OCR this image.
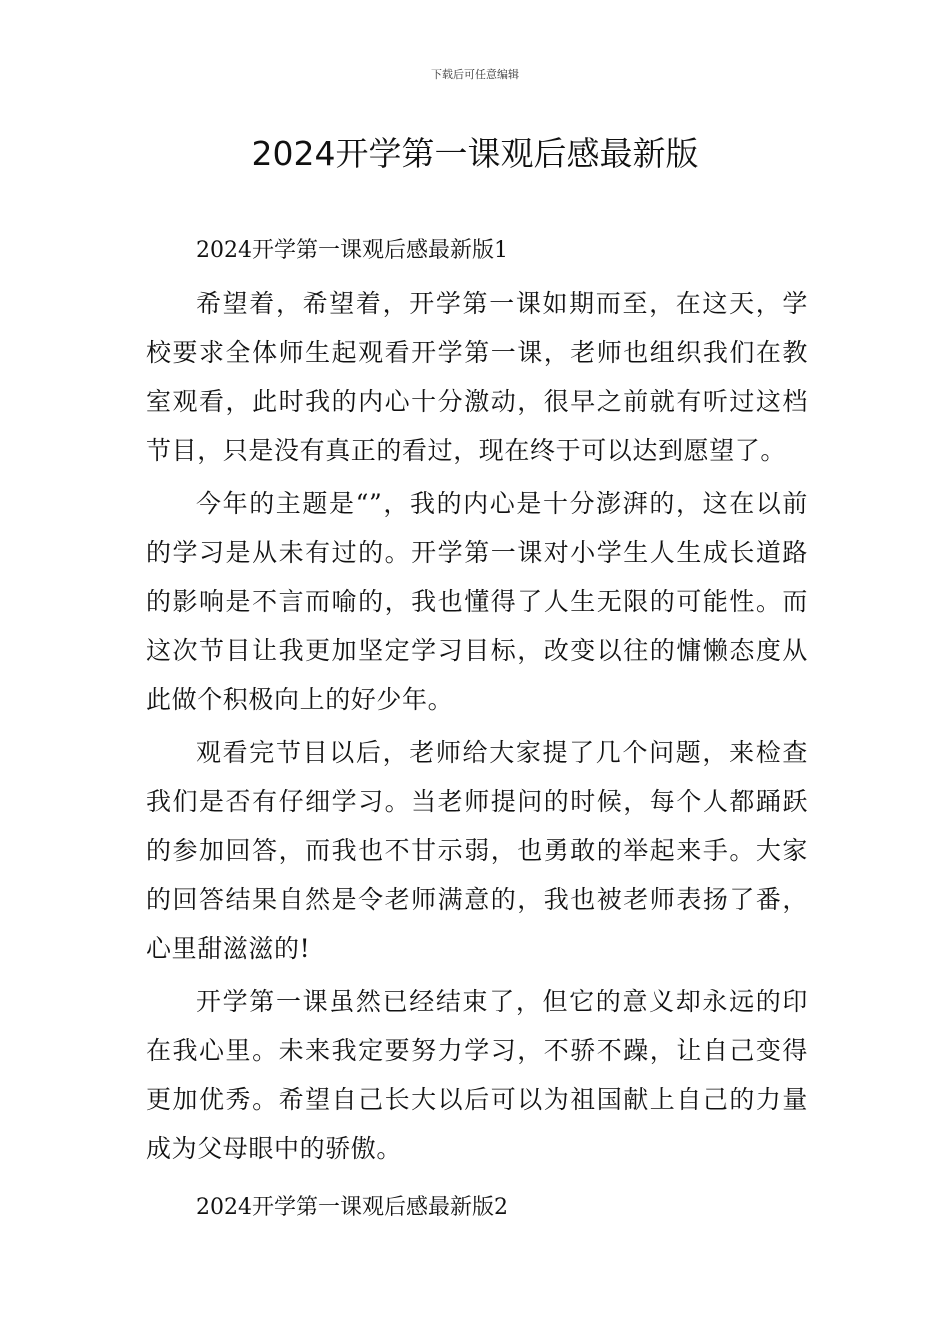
下载后可任意编辑
2024开学第一课观后感最新版

2024开学第一课观后感最新版1

希望着，希望着，开学第一课如期而至，在这天，学校要求全体师生起观看开学第一课，老师也组织我们在教室观看，此时我的内心十分激动，很早之前就有听过这档节目，只是没有真正的看过，现在终于可以达到愿望了。

今年的主题是“”，我的内心是十分澎湃的，这在以前的学习是从未有过的。开学第一课对小学生人生成长道路的影响是不言而喻的，我也懂得了人生无限的可能性。而这次节目让我更加坚定学习目标，改变以往的慵懒态度从此做个积极向上的好少年。

观看完节目以后，老师给大家提了几个问题，来检查我们是否有仔细学习。当老师提问的时候，每个人都踊跃的参加回答，而我也不甘示弱，也勇敢的举起来手。大家的回答结果自然是令老师满意的，我也被老师表扬了番，心里甜滋滋的!

开学第一课虽然已经结束了，但它的意义却永远的印在我心里。未来我定要努力学习，不骄不躁，让自己变得更加优秀。希望自己长大以后可以为祖国献上自己的力量成为父母眼中的骄傲。

2024开学第一课观后感最新版2
